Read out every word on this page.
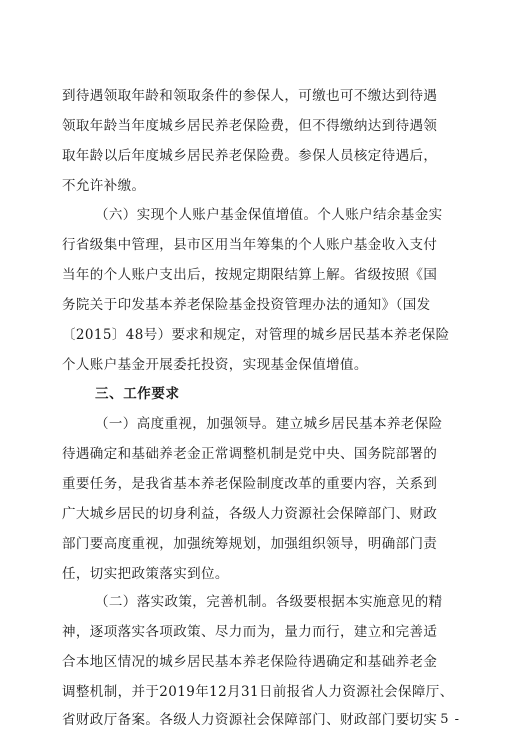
到待遇领取年龄和领取条件的参保人，可缴也可不缴达到待遇
领取年龄当年度城乡居民养老保险费，但不得缴纳达到待遇领
取年龄以后年度城乡居民养老保险费。参保人员核定待遇后，
不允许补缴。
（六）实现个人账户基金保值增值。个人账户结余基金实
行省级集中管理，县市区用当年筹集的个人账户基金收入支付
当年的个人账户支出后，按规定期限结算上解。省级按照《国
务院关于印发基本养老保险基金投资管理办法的通知》（国发
〔2015〕48号）要求和规定，对管理的城乡居民基本养老保险
个人账户基金开展委托投资，实现基金保值增值。
三、工作要求
（一）高度重视，加强领导。建立城乡居民基本养老保险
待遇确定和基础养老金正常调整机制是党中央、国务院部署的
重要任务，是我省基本养老保险制度改革的重要内容，关系到
广大城乡居民的切身利益，各级人力资源社会保障部门、财政
部门要高度重视，加强统筹规划，加强组织领导，明确部门责
任，切实把政策落实到位。
（二）落实政策，完善机制。各级要根据本实施意见的精
神，逐项落实各项政策、尽力而为，量力而行，建立和完善适
合本地区情况的城乡居民基本养老保险待遇确定和基础养老金
调整机制，并于2019年12月31日前报省人力资源社会保障厅、
省财政厅备案。各级人力资源社会保障部门、财政部门要切实
- 5 -
